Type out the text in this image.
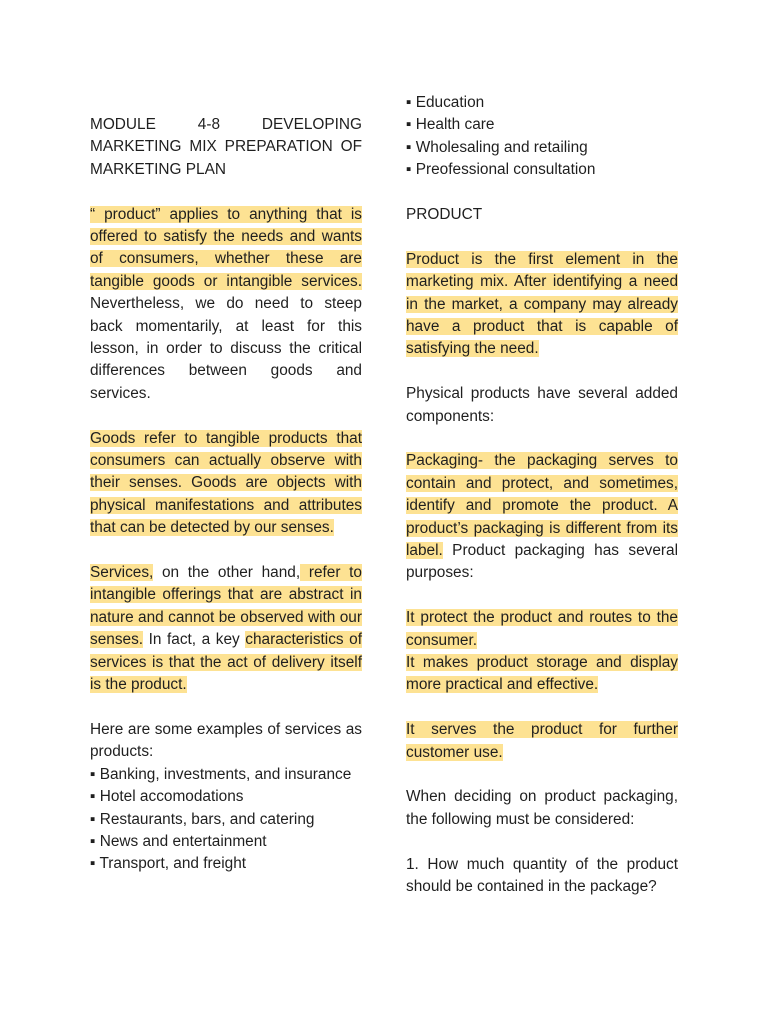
MODULE 4-8 DEVELOPING MARKETING MIX PREPARATION OF MARKETING PLAN

“ product” applies to anything that is offered to satisfy the needs and wants of consumers, whether these are tangible goods or intangible services. Nevertheless, we do need to steep back momentarily, at least for this lesson, in order to discuss the critical differences between goods and services.

Goods refer to tangible products that consumers can actually observe with their senses. Goods are objects with physical manifestations and attributes that can be detected by our senses.

Services, on the other hand, refer to intangible offerings that are abstract in nature and cannot be observed with our senses. In fact, a key characteristics of services is that the act of delivery itself is the product.

Here are some examples of services as products:

▪ Banking, investments, and insurance
▪ Hotel accomodations
▪ Restaurants, bars, and catering
▪ News and entertainment
▪ Transport, and freight
▪ Education
▪ Health care
▪ Wholesaling and retailing
▪ Preofessional consultation

PRODUCT

Product is the first element in the marketing mix. After identifying a need in the market, a company may already have a product that is capable of satisfying the need.

Physical products have several added components:

Packaging- the packaging serves to contain and protect, and sometimes, identify and promote the product. A product’s packaging is different from its label. Product packaging has several purposes:

It protect the product and routes to the consumer.

It makes product storage and display more practical and effective.

It serves the product for further customer use.

When deciding on product packaging, the following must be considered:

1. How much quantity of the product should be contained in the package?
